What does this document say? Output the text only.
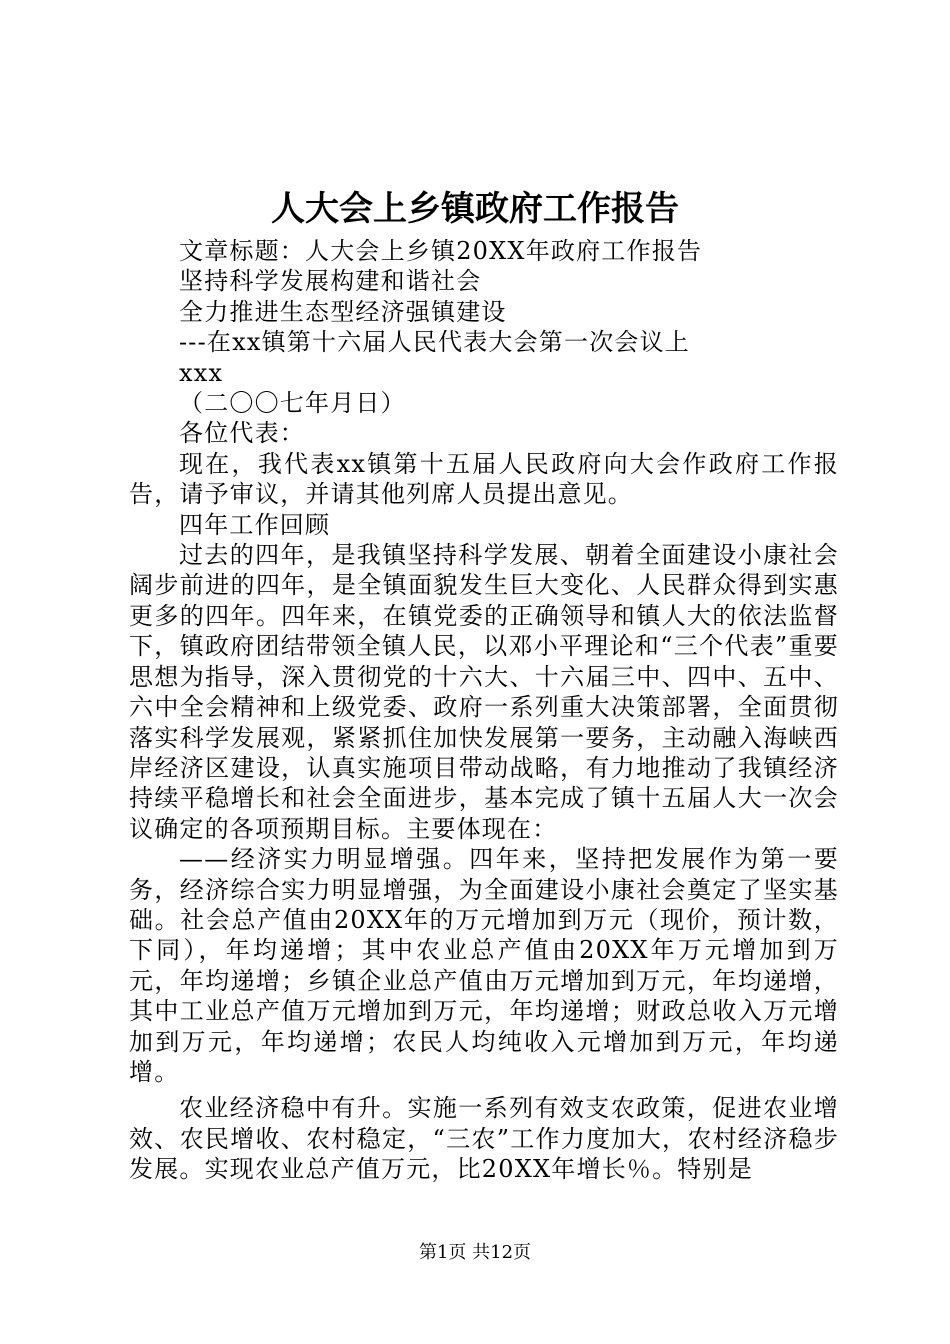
人大会上乡镇政府工作报告

文章标题：人大会上乡镇20XX年政府工作报告

坚持科学发展构建和谐社会

全力推进生态型经济强镇建设

---在xx镇第十六届人民代表大会第一次会议上

xxx

（二〇〇七年月日）

各位代表：

现在，我代表xx镇第十五届人民政府向大会作政府工作报告，请予审议，并请其他列席人员提出意见。

四年工作回顾

过去的四年，是我镇坚持科学发展、朝着全面建设小康社会阔步前进的四年，是全镇面貌发生巨大变化、人民群众得到实惠更多的四年。四年来，在镇党委的正确领导和镇人大的依法监督下，镇政府团结带领全镇人民，以邓小平理论和“三个代表”重要思想为指导，深入贯彻党的十六大、十六届三中、四中、五中、六中全会精神和上级党委、政府一系列重大决策部署，全面贯彻落实科学发展观，紧紧抓住加快发展第一要务，主动融入海峡西岸经济区建设，认真实施项目带动战略，有力地推动了我镇经济持续平稳增长和社会全面进步，基本完成了镇十五届人大一次会议确定的各项预期目标。主要体现在：

——经济实力明显增强。四年来，坚持把发展作为第一要务，经济综合实力明显增强，为全面建设小康社会奠定了坚实基础。社会总产值由20XX年的万元增加到万元（现价，预计数，下同），年均递增；其中农业总产值由20XX年万元增加到万元，年均递增；乡镇企业总产值由万元增加到万元，年均递增，其中工业总产值万元增加到万元，年均递增；财政总收入万元增加到万元，年均递增；农民人均纯收入元增加到万元，年均递增。

农业经济稳中有升。实施一系列有效支农政策，促进农业增效、农民增收、农村稳定，“三农”工作力度加大，农村经济稳步发展。实现农业总产值万元，比20XX年增长％。特别是

第1页 共12页
